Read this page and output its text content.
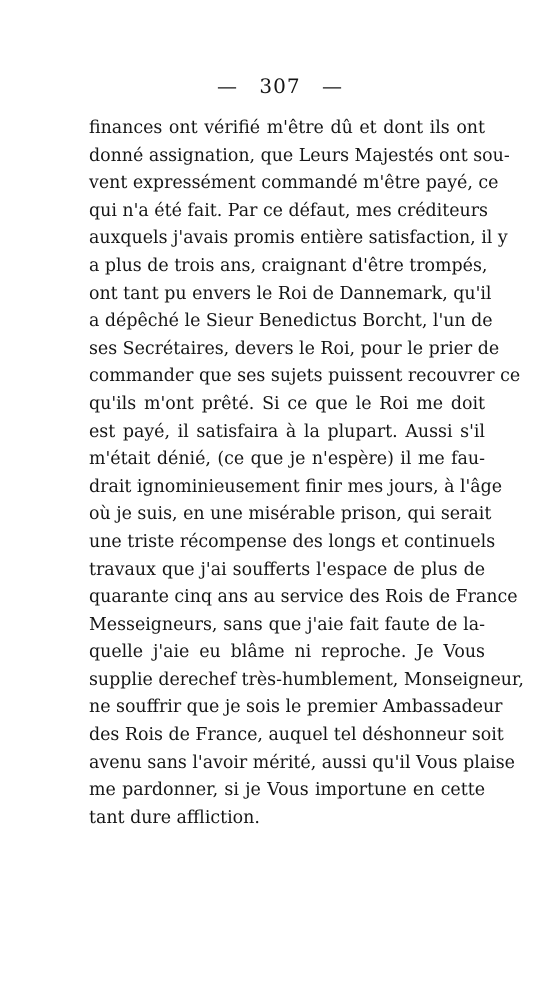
— 307 —
finances ont vérifié m'être dû et dont ils ont
donné assignation, que Leurs Majestés ont sou-
vent expressément commandé m'être payé, ce
qui n'a été fait. Par ce défaut, mes créditeurs
auxquels j'avais promis entière satisfaction, il y
a plus de trois ans, craignant d'être trompés,
ont tant pu envers le Roi de Dannemark, qu'il
a dépêché le Sieur Benedictus Borcht, l'un de
ses Secrétaires, devers le Roi, pour le prier de
commander que ses sujets puissent recouvrer ce
qu'ils m'ont prêté. Si ce que le Roi me doit
est payé, il satisfaira à la plupart. Aussi s'il
m'était dénié, (ce que je n'espère) il me fau-
drait ignominieusement finir mes jours, à l'âge
où je suis, en une misérable prison, qui serait
une triste récompense des longs et continuels
travaux que j'ai soufferts l'espace de plus de
quarante cinq ans au service des Rois de France
Messeigneurs, sans que j'aie fait faute de la-
quelle j'aie eu blâme ni reproche. Je Vous
supplie derechef très-humblement, Monseigneur,
ne souffrir que je sois le premier Ambassadeur
des Rois de France, auquel tel déshonneur soit
avenu sans l'avoir mérité, aussi qu'il Vous plaise
me pardonner, si je Vous importune en cette
tant dure affliction.
